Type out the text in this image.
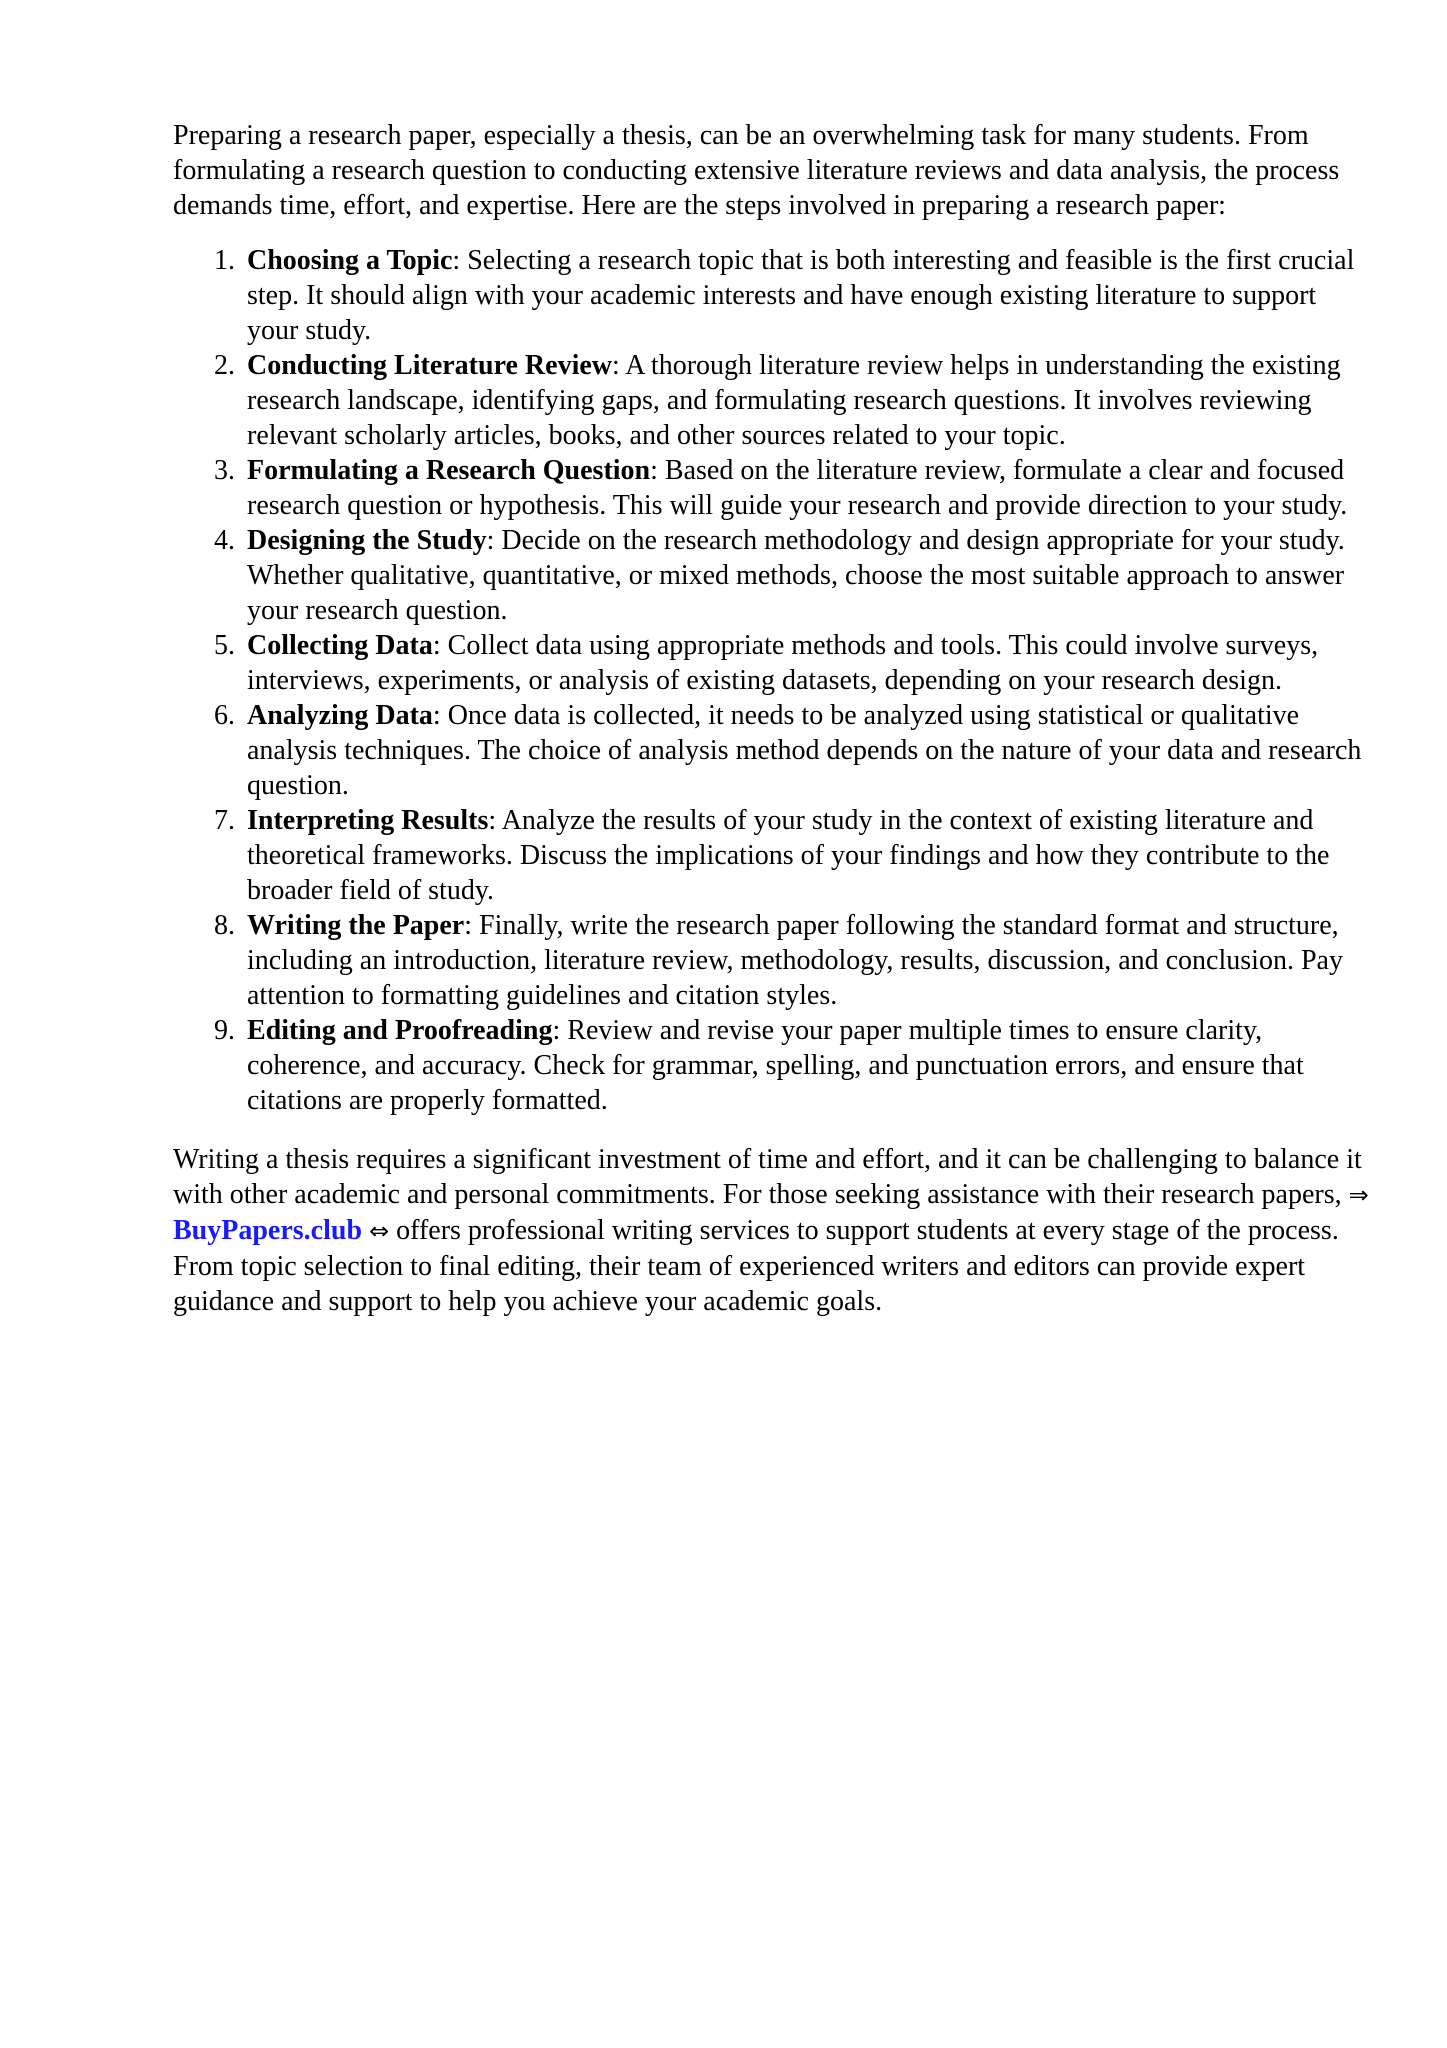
Preparing a research paper, especially a thesis, can be an overwhelming task for many students. From formulating a research question to conducting extensive literature reviews and data analysis, the process demands time, effort, and expertise. Here are the steps involved in preparing a research paper:

1. Choosing a Topic: Selecting a research topic that is both interesting and feasible is the first crucial step. It should align with your academic interests and have enough existing literature to support your study.
2. Conducting Literature Review: A thorough literature review helps in understanding the existing research landscape, identifying gaps, and formulating research questions. It involves reviewing relevant scholarly articles, books, and other sources related to your topic.
3. Formulating a Research Question: Based on the literature review, formulate a clear and focused research question or hypothesis. This will guide your research and provide direction to your study.
4. Designing the Study: Decide on the research methodology and design appropriate for your study. Whether qualitative, quantitative, or mixed methods, choose the most suitable approach to answer your research question.
5. Collecting Data: Collect data using appropriate methods and tools. This could involve surveys, interviews, experiments, or analysis of existing datasets, depending on your research design.
6. Analyzing Data: Once data is collected, it needs to be analyzed using statistical or qualitative analysis techniques. The choice of analysis method depends on the nature of your data and research question.
7. Interpreting Results: Analyze the results of your study in the context of existing literature and theoretical frameworks. Discuss the implications of your findings and how they contribute to the broader field of study.
8. Writing the Paper: Finally, write the research paper following the standard format and structure, including an introduction, literature review, methodology, results, discussion, and conclusion. Pay attention to formatting guidelines and citation styles.
9. Editing and Proofreading: Review and revise your paper multiple times to ensure clarity, coherence, and accuracy. Check for grammar, spelling, and punctuation errors, and ensure that citations are properly formatted.

Writing a thesis requires a significant investment of time and effort, and it can be challenging to balance it with other academic and personal commitments. For those seeking assistance with their research papers, ⇒ BuyPapers.club ⇔ offers professional writing services to support students at every stage of the process. From topic selection to final editing, their team of experienced writers and editors can provide expert guidance and support to help you achieve your academic goals.
